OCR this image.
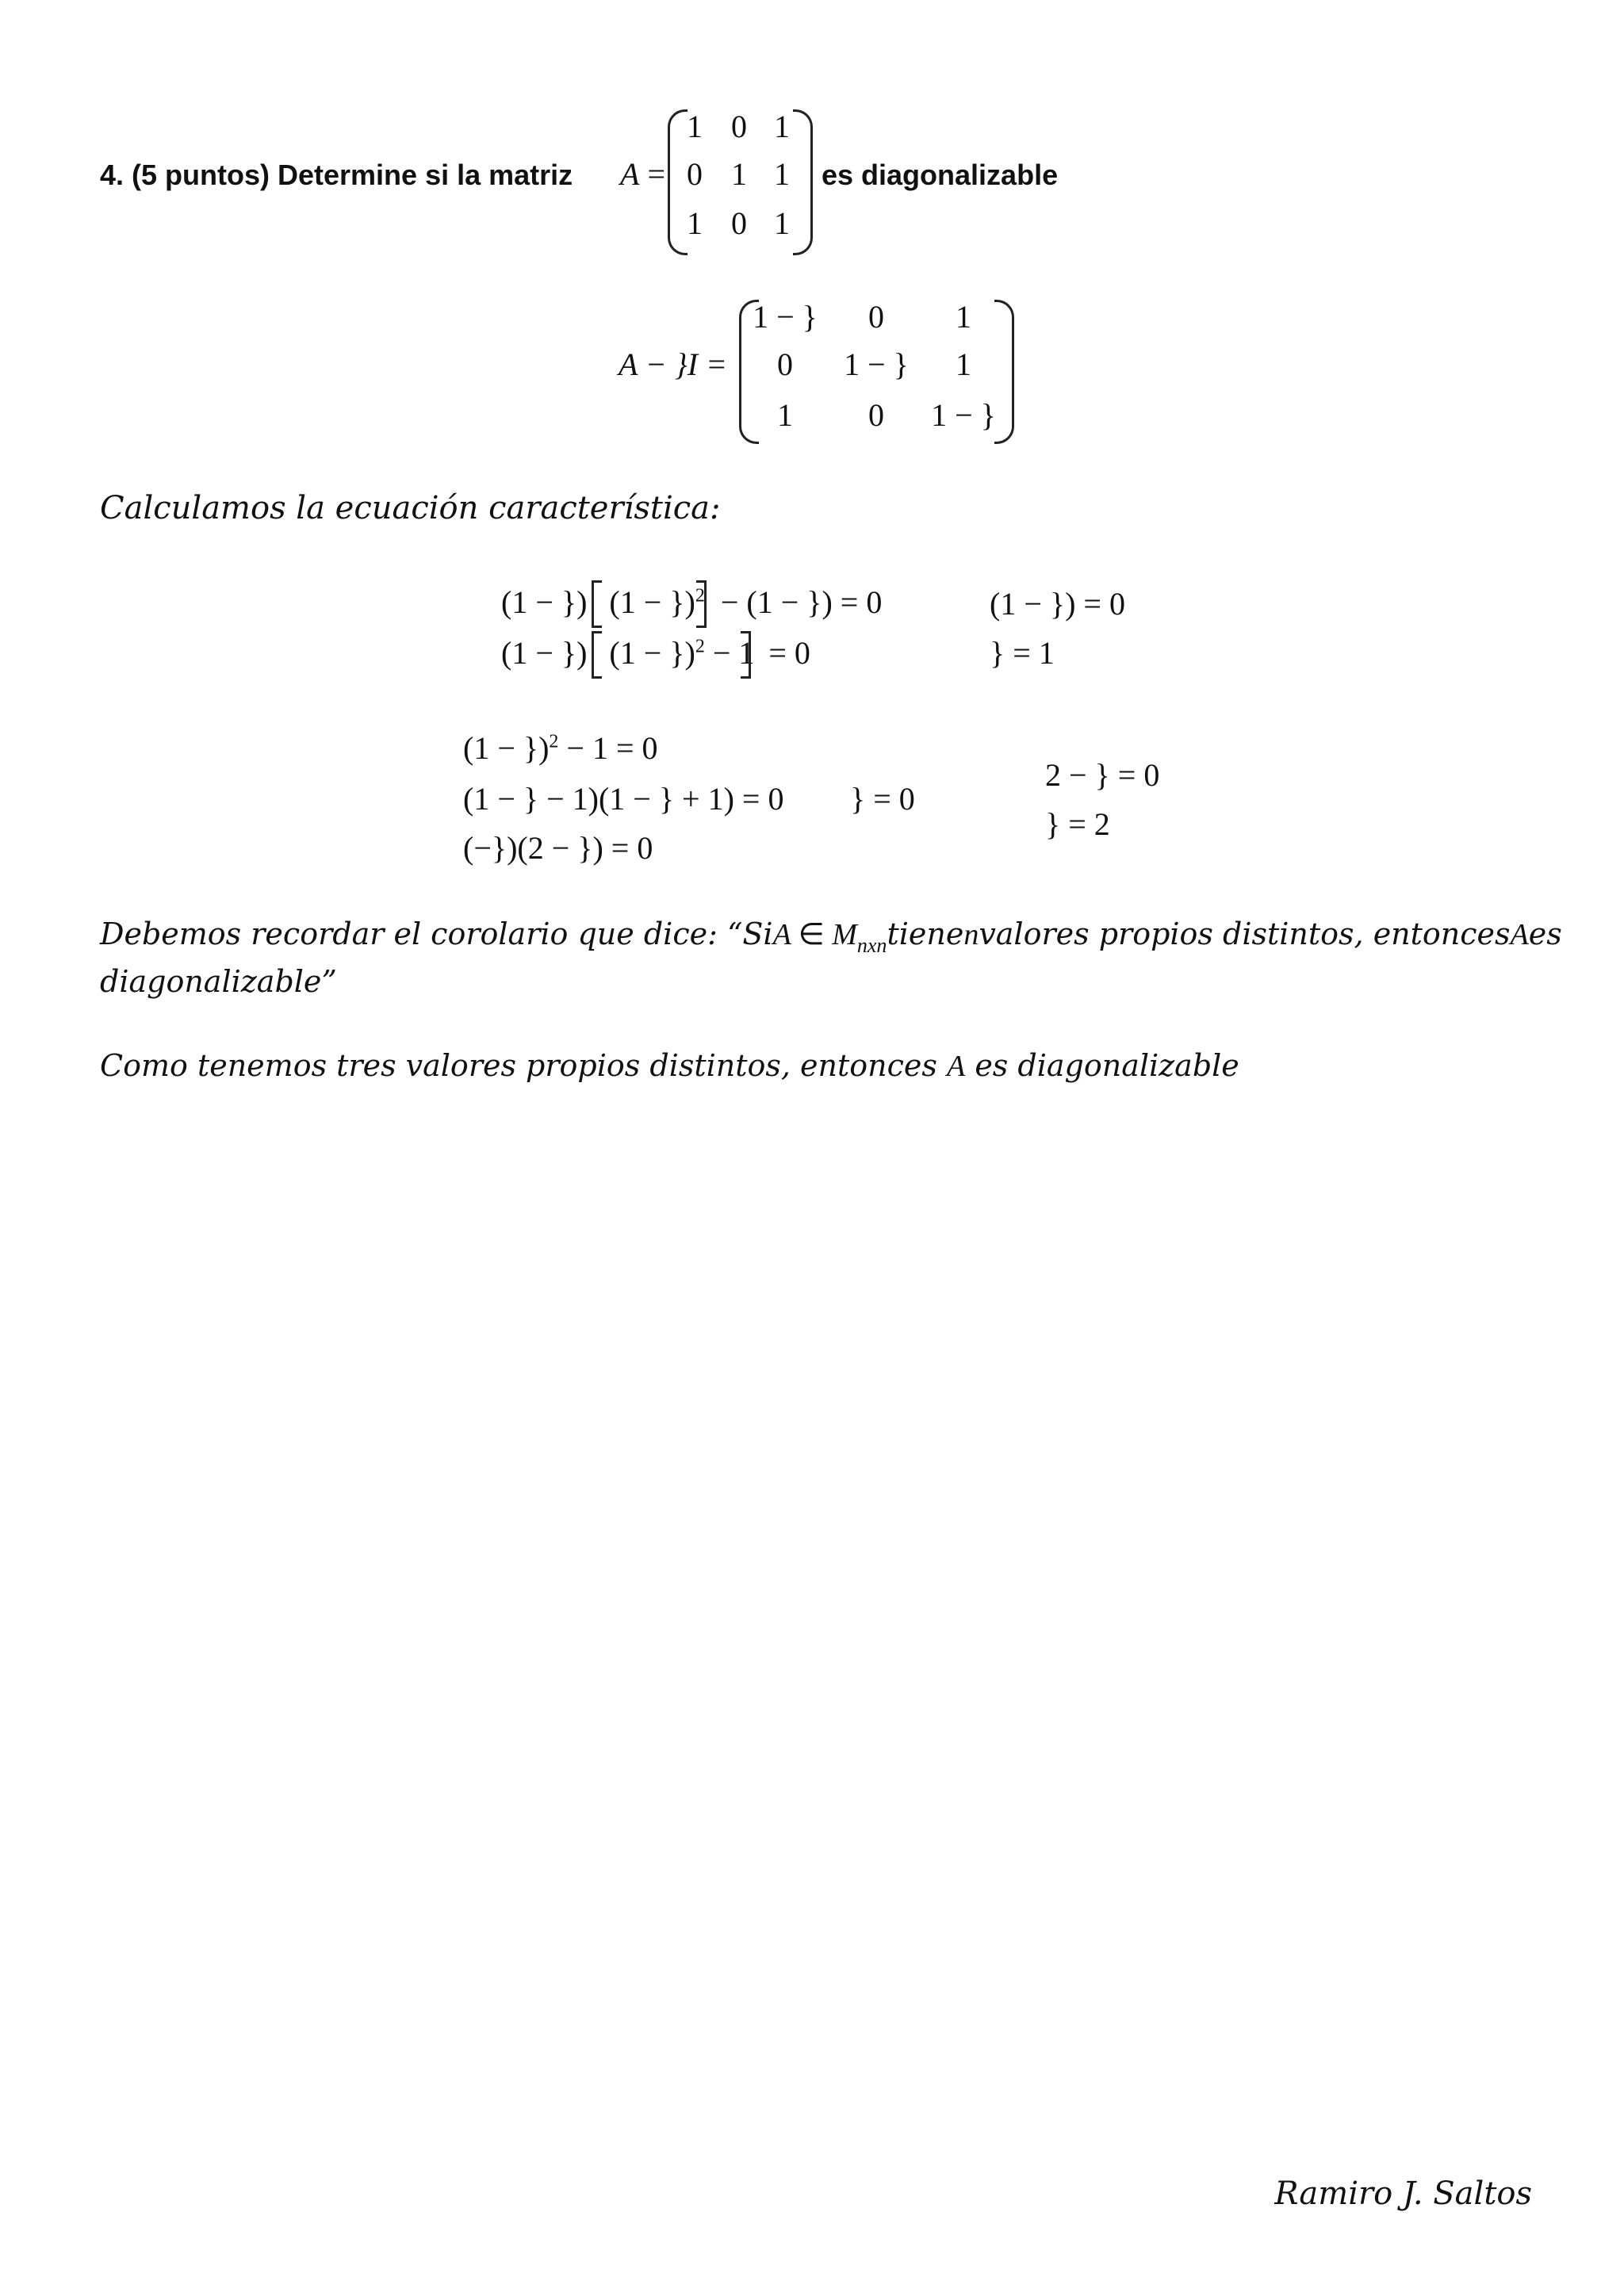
4. (5 puntos) Determine si la matriz A =
1 0 1
0 1 1
1 0 1
es diagonalizable
A − }I =
1 − }	0	1
0	1 − }	1
1	0	1 − }
Calculamos la ecuación característica:
(1 − }) (1 − })$^2$ − (1 − }) = 0
(1 − }) (1 − })$^2$ − 1 = 0
(1 − }) = 0
} = 1
(1 − })$^2$ − 1 = 0
(1 − } − 1)(1 − } + 1) = 0
(−})(2 − }) = 0
} = 0
2 − } = 0
} = 2
Debemos recordar el corolario que dice: “Si A ∈ $M_{nxn}$ tiene n valores propios distintos, entonces A es
diagonalizable”
Como tenemos tres valores propios distintos, entonces A es diagonalizable
Ramiro J. Saltos
